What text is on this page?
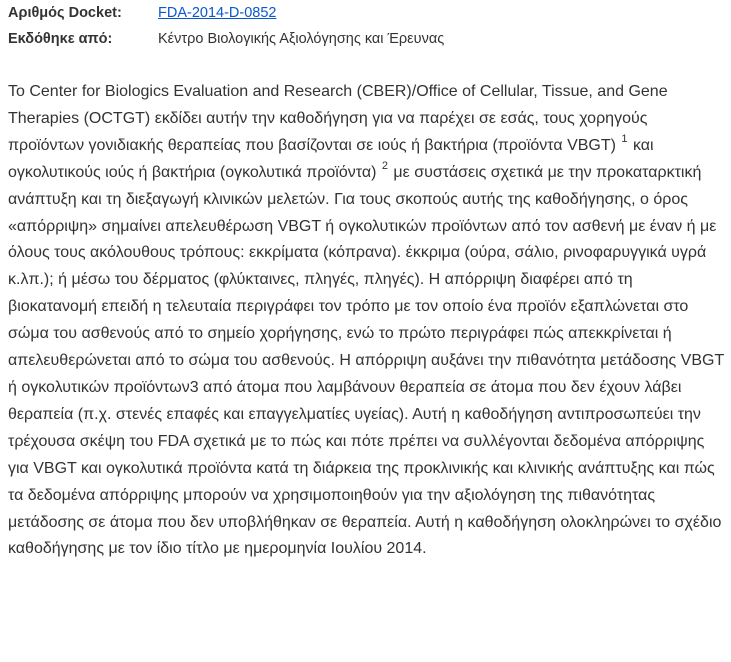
Αριθμός Docket:	FDA-2014-D-0852
Εκδόθηκε από:	Κέντρο Βιολογικής Αξιολόγησης και Έρευνας

To Center for Biologics Evaluation and Research (CBER)/Office of Cellular, Tissue, and Gene Therapies (OCTGT) εκδίδει αυτήν την καθοδήγηση για να παρέχει σε εσάς, τους χορηγούς προϊόντων γονιδιακής θεραπείας που βασίζονται σε ιούς ή βακτήρια (προϊόντα VBGT) $^1$ και ογκολυτικούς ιούς ή βακτήρια (ογκολυτικά προϊόντα) $^2$ με συστάσεις σχετικά με την προκαταρκτική ανάπτυξη και τη διεξαγωγή κλινικών μελετών. Για τους σκοπούς αυτής της καθοδήγησης, ο όρος «απόρριψη» σημαίνει απελευθέρωση VBGT ή ογκολυτικών προϊόντων από τον ασθενή με έναν ή με όλους τους ακόλουθους τρόπους: εκκρίματα (κόπρανα). έκκριμα (ούρα, σάλιο, ρινοφαρυγγικά υγρά κ.λπ.); ή μέσω του δέρματος (φλύκταινες, πληγές, πληγές). Η απόρριψη διαφέρει από τη βιοκατανομή επειδή η τελευταία περιγράφει τον τρόπο με τον οποίο ένα προϊόν εξαπλώνεται στο σώμα του ασθενούς από το σημείο χορήγησης, ενώ το πρώτο περιγράφει πώς απεκκρίνεται ή απελευθερώνεται από το σώμα του ασθενούς. Η απόρριψη αυξάνει την πιθανότητα μετάδοσης VBGT ή ογκολυτικών προϊόντων3 από άτομα που λαμβάνουν θεραπεία σε άτομα που δεν έχουν λάβει θεραπεία (π.χ. στενές επαφές και επαγγελματίες υγείας). Αυτή η καθοδήγηση αντιπροσωπεύει την τρέχουσα σκέψη του FDA σχετικά με το πώς και πότε πρέπει να συλλέγονται δεδομένα απόρριψης για VBGT και ογκολυτικά προϊόντα κατά τη διάρκεια της προκλινικής και κλινικής ανάπτυξης και πώς τα δεδομένα απόρριψης μπορούν να χρησιμοποιηθούν για την αξιολόγηση της πιθανότητας μετάδοσης σε άτομα που δεν υποβλήθηκαν σε θεραπεία. Αυτή η καθοδήγηση ολοκληρώνει το σχέδιο καθοδήγησης με τον ίδιο τίτλο με ημερομηνία Ιουλίου 2014.
